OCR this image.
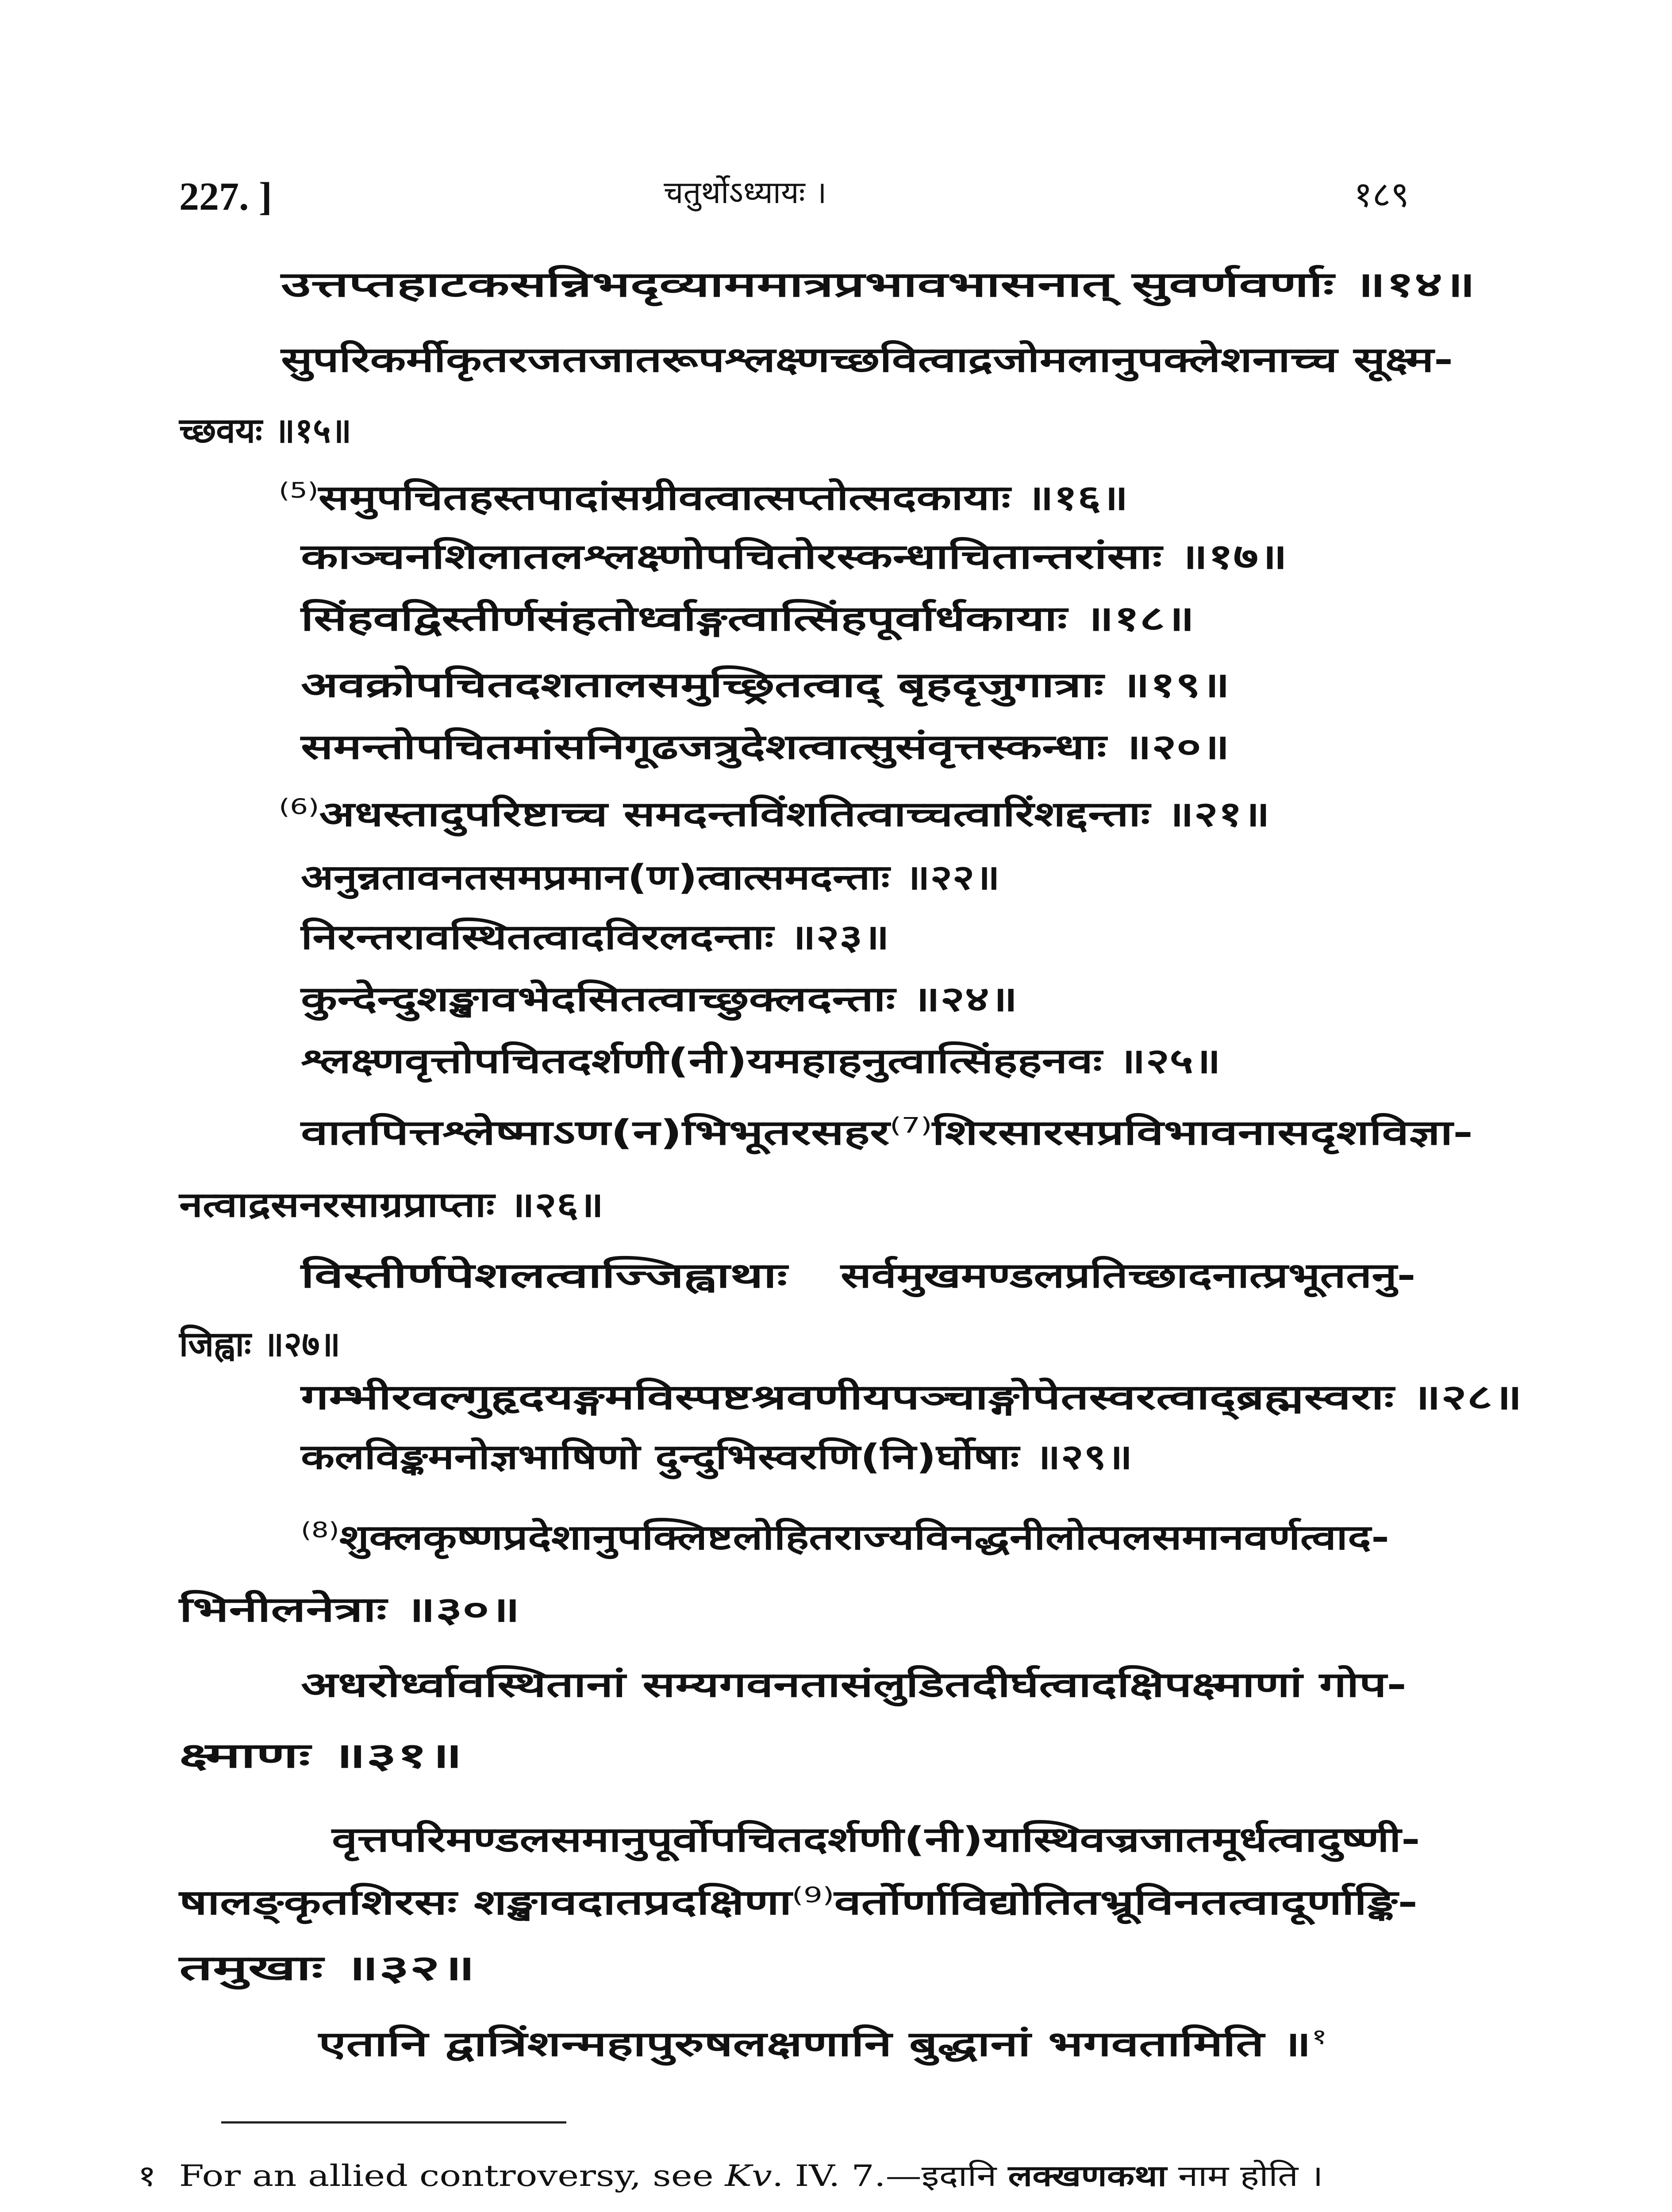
227. ]	चतुर्थोऽध्यायः ।	१८९
उत्तप्तहाटकसन्निभदृव्याममात्रप्रभावभासनात् सुवर्णवर्णाः ॥१४॥
सुपरिकर्मीकृतरजतजातरूपश्लक्ष्णच्छवित्वाद्रजोमलानुपक्लेशनाच्च सूक्ष्म-
च्छवयः ॥१५॥
$^{(5)}$समुपचितहस्तपादांसग्रीवत्वात्सप्तोत्सदकायाः ॥१६॥
काञ्चनशिलातलश्लक्ष्णोपचितोरस्कन्धाचितान्तरांसाः ॥१७॥
सिंहवद्विस्तीर्णसंहतोर्ध्वाङ्गत्वात्सिंहपूर्वार्धकायाः ॥१८॥
अवक्रोपचितदशतालसमुच्छ्रितत्वाद् बृहदृजुगात्राः ॥१९॥
समन्तोपचितमांसनिगूढजत्रुदेशत्वात्सुसंवृत्तस्कन्धाः ॥२०॥
$^{(6)}$अधस्तादुपरिष्टाच्च समदन्तविंशतित्वाच्चत्वारिंशद्दन्ताः ॥२१॥
अनुन्नतावनतसमप्रमान(ण)त्वात्समदन्ताः ॥२२॥
निरन्तरावस्थितत्वादविरलदन्ताः ॥२३॥
कुन्देन्दुशङ्खावभेदसितत्वाच्छुक्लदन्ताः ॥२४॥
श्लक्ष्णवृत्तोपचितदर्शणी(नी)यमहाहनुत्वात्सिंहहनवः ॥२५॥
वातपित्तश्लेष्माऽण(न)भिभूतरसहर$^{(7)}$शिरसारसप्रविभावनासदृशविज्ञा-
नत्वाद्रसनरसाग्रप्राप्ताः ॥२६॥
विस्तीर्णपेशलत्वाज्जिह्वाथाः सर्वमुखमण्डलप्रतिच्छादनात्प्रभूततनु-
जिह्वाः ॥२७॥
गम्भीरवल्गुहृदयङ्गमविस्पष्टश्रवणीयपञ्चाङ्गोपेतस्वरत्वाद्ब्रह्मस्वराः ॥२८॥
कलविङ्कमनोज्ञभाषिणो दुन्दुभिस्वरणि(नि)र्घोषाः ॥२९॥
$^{(8)}$शुक्लकृष्णप्रदेशानुपक्लिष्टलोहितराज्यविनद्धनीलोत्पलसमानवर्णत्वाद-
भिनीलनेत्राः ॥३०॥
अधरोर्ध्वावस्थितानां सम्यगवनतासंलुडितदीर्घत्वादक्षिपक्ष्माणां गोप-
क्ष्माणः ॥३१॥
वृत्तपरिमण्डलसमानुपूर्वोपचितदर्शणी(नी)यास्थिवज्रजातमूर्धत्वादुष्णी-
षालङ्कृतशिरसः शङ्खावदातप्रदक्षिणा$^{(9)}$वर्तोर्णाविद्योतितभ्रूविनतत्वादूर्णाङ्कि-
तमुखाः ॥३२॥
एतानि द्वात्रिंशन्महापुरुषलक्षणानि बुद्धानां भगवतामिति ॥$^१$
१ For an allied controversy, see Kv. IV. 7.—इदानि लक्खणकथा नाम होति ।
